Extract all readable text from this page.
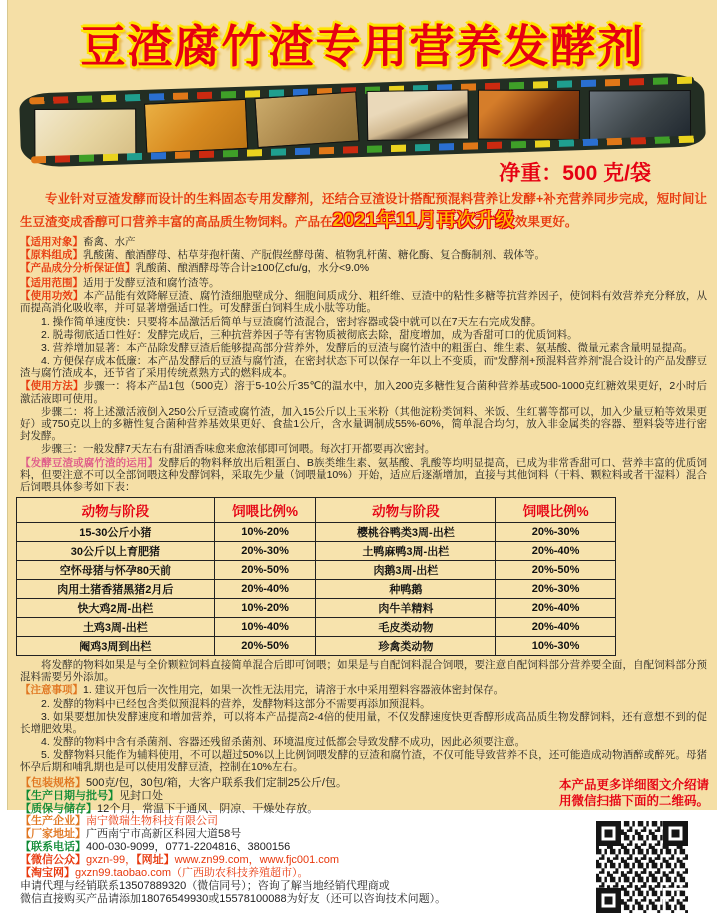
豆渣腐竹渣专用营养发酵剂
净重：500 克/袋

专业针对豆渣发酵而设计的生料固态专用发酵剂，还结合豆渣设计搭配预混料营养让发酵+补充营养同步完成，短时间让生豆渣变成香醇可口营养丰富的高品质生物饲料。产品在2021年11月再次升级效果更好。

【适用对象】畜禽、水产

【原料组成】乳酸菌、酿酒酵母、枯草芽孢杆菌、产朊假丝酵母菌、植物乳杆菌、糖化酶、复合酶制剂、载体等。

【产品成分分析保证值】乳酸菌、酿酒酵母等合计≥100亿cfu/g，水分<9.0%

【适用范围】适用于发酵豆渣和腐竹渣等。

【使用功效】本产品能有效降解豆渣、腐竹渣细胞壁成分、细胞间质成分、粗纤维、豆渣中的粘性多糖等抗营养因子，使饲料有效营养充分释放，从而提高消化吸收率，并可显著增强适口性。可发酵蛋白饲料生成小肽等功能。

1. 操作简单速度快：只要将本品激活后简单与豆渣腐竹渣混合，密封容器或袋中就可以在7天左右完成发酵。

2. 脱毒彻底适口性好：发酵完成后，三种抗营养因子等有害物质被彻底去除，甜度增加，成为香甜可口的优质饲料。

3. 营养增加显著：本产品除发酵豆渣后能够提高部分营养外，发酵后的豆渣与腐竹渣中的粗蛋白、维生素、氨基酸、微量元素含量明显提高。

4. 方便保存成本低廉：本产品发酵后的豆渣与腐竹渣，在密封状态下可以保存一年以上不变质，而“发酵剂+预混料营养剂”混合设计的产品发酵豆渣与腐竹渣成本，还节省了采用传统煮熟方式的燃料成本。

【使用方法】步骤一：将本产品1包（500克）溶于5-10公斤35℃的温水中，加入200克多糖性复合菌种营养基或500-1000克红糖效果更好，2小时后激活液即可使用。

步骤二：将上述激活液倒入250公斤豆渣或腐竹渣，加入15公斤以上玉米粉（其他淀粉类饲料、米饭、生红薯等都可以，加入少量豆粕等效果更好）或750克以上的多糖性复合菌种营养基效果更好、食盐1公斤，含水量调制成55%-60%，简单混合均匀，放入非金属类的容器、塑料袋等进行密封发酵。

步骤三：一般发酵7天左右有甜酒香味愈来愈浓郁即可饲喂。每次打开都要再次密封。

【发酵豆渣或腐竹渣的运用】发酵后的物料释放出后粗蛋白、B族类维生素、氨基酸、乳酸等均明显提高，已成为非常香甜可口、营养丰富的优质饲料，但要注意不可以全部饲喂这种发酵饲料，采取先少量（饲喂量10%）开始，适应后逐渐增加，直接与其他饲料（干料、颗粒料或者干湿料）混合后饲喂具体参考如下表：

动物与阶段	饲喂比例%	动物与阶段	饲喂比例%
15-30公斤小猪	10%-20%	樱桃谷鸭类3周-出栏	20%-30%
30公斤以上育肥猪	20%-30%	土鸭麻鸭3周-出栏	20%-40%
空怀母猪与怀孕80天前	20%-50%	肉鹅3周-出栏	20%-50%
肉用土猪香猪黑猪2月后	20%-40%	种鸭鹅	20%-30%
快大鸡2周-出栏	10%-20%	肉牛羊精料	20%-40%
土鸡3周-出栏	10%-40%	毛皮类动物	20%-40%
阉鸡3周到出栏	20%-50%	珍禽类动物	10%-30%

将发酵的物料如果是与全价颗粒饲料直接简单混合后即可饲喂；如果是与自配饲料混合饲喂，要注意自配饲料部分营养要全面，自配饲料部分预混料需要另外添加。

【注意事项】1. 建议开包后一次性用完，如果一次性无法用完，请溶于水中采用塑料容器液体密封保存。

2. 发酵的物料中已经包含类似预混料的营养，发酵物料这部分不需要再添加预混料。

3. 如果要想加快发酵速度和增加营养，可以将本产品提高2-4倍的使用量，不仅发酵速度快更香醇形成高品质生物发酵饲料，还有意想不到的促长增肥效果。

4. 发酵的物料中含有杀菌剂、容器还残留杀菌剂、环境温度过低都会导致发酵不成功，因此必须要注意。

5. 发酵物料只能作为辅料使用，不可以超过50%以上比例饲喂发酵的豆渣和腐竹渣，不仅可能导致营养不良，还可能造成动物酒醉或醉死。母猪怀孕后期和哺乳期也是可以使用发酵豆渣，控制在10%左右。

【包装规格】500克/包，30包/箱，大客户联系我们定制25公斤/包。

【生产日期与批号】见封口处

【质保与储存】12个月，常温下于通风、阴凉、干燥处存放。

【生产企业】南宁微瑞生物科技有限公司

【厂家地址】广西南宁市高新区科园大道58号

【联系电话】400-030-9099，0771-2204816、3800156

【微信公众】gxzn-99，【网址】www.zn99.com，www.fjc001.com

【淘宝网】gxzn99.taobao.com（广西助农科技养殖超市）。

申请代理与经销联系13507889320（微信同号）；咨询了解当地经销代理商或

微信直接购买产品请添加18076549930或15578100088为好友（还可以咨询技术问题）。

本产品更多详细图文介绍请
用微信扫描下面的二维码。
